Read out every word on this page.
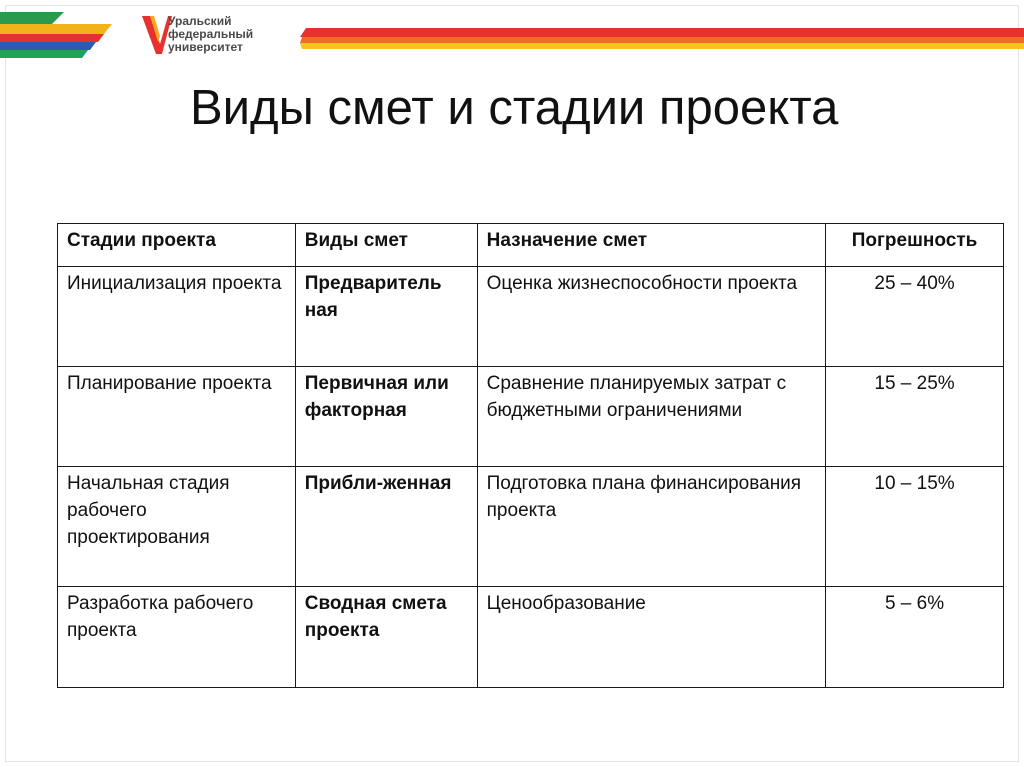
Уральский
федеральный
университет

Виды смет и стадии проекта
Стадии проекта	Виды смет	Назначение смет	Погрешность
Инициализация проекта	Предваритель ная	Оценка жизнеспособности проекта	25 – 40%
Планирование проекта	Первичная или факторная	Сравнение планируемых затрат с бюджетными ограничениями	15 – 25%
Начальная стадия рабочего проектирования	Прибли-женная	Подготовка плана финансирования проекта	10 – 15%
Разработка рабочего проекта	Сводная смета проекта	Ценообразование	5 – 6%
